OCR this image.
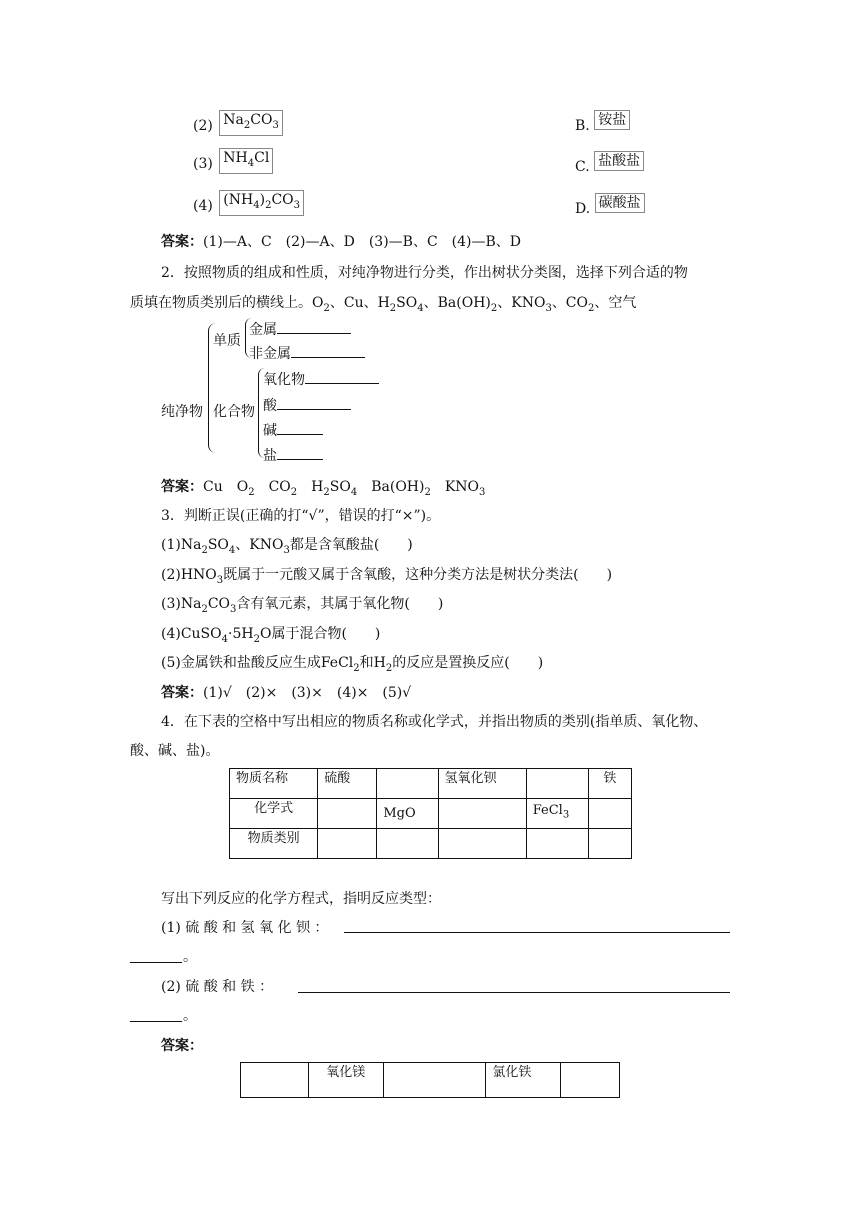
(2) $Na_2CO_3$
(3) $NH_4Cl$
(4) $(NH_4)_2CO_3$
B. 铵盐
C. 盐酸盐
D. 碳酸盐
答案：(1)—A、C　(2)—A、D　(3)—B、C　(4)—B、D
2．按照物质的组成和性质，对纯净物进行分类，作出树状分类图，选择下列合适的物
质填在物质类别后的横线上。$O_2$、Cu、$H_2SO_4$、$Ba(OH)_2$、$KNO_3$、$CO_2$、空气
纯净物
单质
金属
非金属
化合物
氧化物
酸
碱
盐
答案：Cu　$O_2$　$CO_2$　$H_2SO_4$　$Ba(OH)_2$　$KNO_3$
3．判断正误(正确的打“√”，错误的打“×”)。
$(1)Na_2SO_4$、$KNO_3$都是含氧酸盐(　　)
$(2)HNO_3$既属于一元酸又属于含氧酸，这种分类方法是树状分类法(　　)
$(3)Na_2CO_3$含有氧元素，其属于氧化物(　　)
$(4)CuSO_4\cdot 5H_2O$属于混合物(　　)
(5)金属铁和盐酸反应生成FeCl$_2$和$H_2$的反应是置换反应(　　)
答案：(1)√　(2)×　(3)×　(4)×　(5)√
4．在下表的空格中写出相应的物质名称或化学式，并指出物质的类别(指单质、氧化物、
酸、碱、盐)。
物质名称	硫酸		氢氧化钡		铁
化学式		MgO		FeCl$_3$	
物质类别					
写出下列反应的化学方程式，指明反应类型：
(1) 硫 酸 和 氢 氧 化 钡 ：
。
(2) 硫 酸 和 铁 ：
。
答案：
	氧化镁		氯化铁	
